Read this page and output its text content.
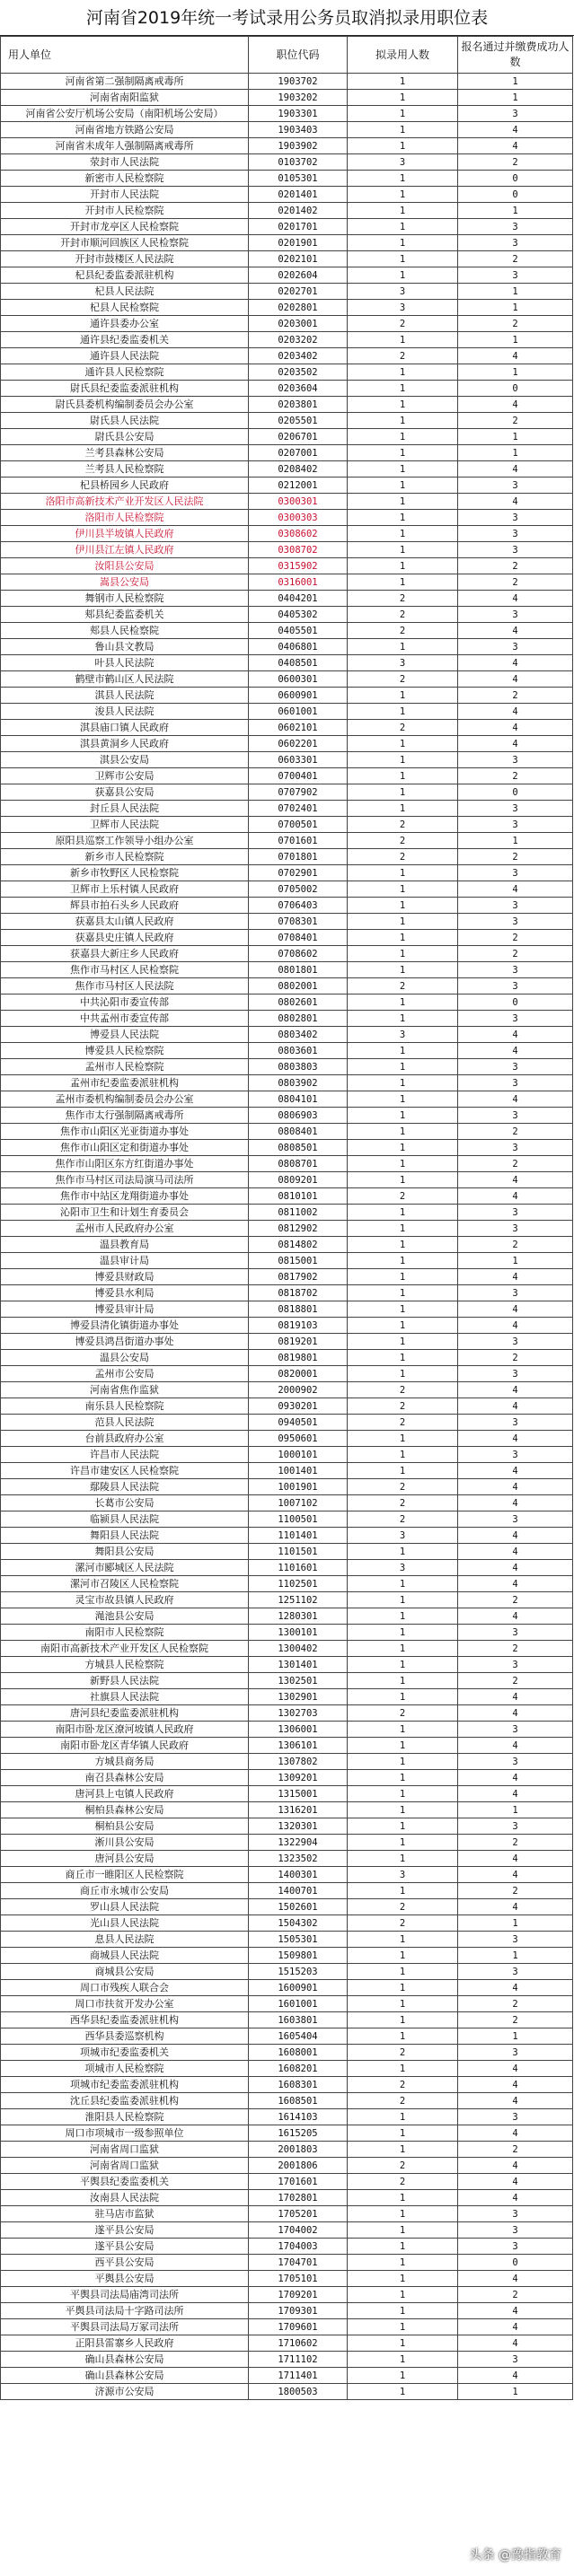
河南省2019年统一考试录用公务员取消拟录用职位表
用人单位	职位代码	拟录用人数	报名通过并缴费成功人数
河南省第二强制隔离戒毒所	1903702	1	1
河南省南阳监狱	1903202	1	1
河南省公安厅机场公安局（南阳机场公安局）	1903301	1	3
河南省地方铁路公安局	1903403	1	4
河南省未成年人强制隔离戒毒所	1903902	1	4
荥封市人民法院	0103702	3	2
新密市人民检察院	0105301	1	0
开封市人民法院	0201401	1	0
开封市人民检察院	0201402	1	1
开封市龙亭区人民检察院	0201701	1	3
开封市顺河回族区人民检察院	0201901	1	3
开封市鼓楼区人民法院	0202101	1	2
杞县纪委监委派驻机构	0202604	1	3
杞县人民法院	0202701	3	1
杞县人民检察院	0202801	3	1
通许县委办公室	0203001	2	2
通许县纪委监委机关	0203202	1	1
通许县人民法院	0203402	2	4
通许县人民检察院	0203502	1	1
尉氏县纪委监委派驻机构	0203604	1	0
尉氏县委机构编制委员会办公室	0203801	1	4
尉氏县人民法院	0205501	1	2
尉氏县公安局	0206701	1	1
兰考县森林公安局	0207001	1	1
兰考县人民检察院	0208402	1	4
杞县桥园乡人民政府	0212001	1	3
洛阳市高新技术产业开发区人民法院	0300301	1	4
洛阳市人民检察院	0300303	1	3
伊川县半坡镇人民政府	0308602	1	3
伊川县江左镇人民政府	0308702	1	3
汝阳县公安局	0315902	1	2
嵩县公安局	0316001	1	2
舞钢市人民检察院	0404201	2	4
郏县纪委监委机关	0405302	2	3
郏县人民检察院	0405501	2	4
鲁山县文教局	0406801	1	3
叶县人民法院	0408501	3	4
鹤壁市鹤山区人民法院	0600301	2	4
淇县人民法院	0600901	1	2
浚县人民法院	0601001	1	4
淇县庙口镇人民政府	0602101	2	4
淇县黄洞乡人民政府	0602201	1	4
淇县公安局	0603301	1	3
卫辉市公安局	0700401	1	2
获嘉县公安局	0707902	1	0
封丘县人民法院	0702401	1	3
卫辉市人民法院	0700501	2	3
原阳县巡察工作领导小组办公室	0701601	2	1
新乡市人民检察院	0701801	2	2
新乡市牧野区人民检察院	0702901	1	3
卫辉市上乐村镇人民政府	0705002	1	4
辉县市拍石头乡人民政府	0706403	1	3
获嘉县太山镇人民政府	0708301	1	3
获嘉县史庄镇人民政府	0708401	1	2
获嘉县大新庄乡人民政府	0708602	1	2
焦作市马村区人民检察院	0801801	1	3
焦作市马村区人民法院	0802001	2	3
中共沁阳市委宣传部	0802601	1	0
中共孟州市委宣传部	0802801	1	3
博爱县人民法院	0803402	3	4
博爱县人民检察院	0803601	1	4
孟州市人民检察院	0803803	1	3
孟州市纪委监委派驻机构	0803902	1	3
孟州市委机构编制委员会办公室	0804101	1	4
焦作市太行强制隔离戒毒所	0806903	1	3
焦作市山阳区光亚街道办事处	0808401	1	2
焦作市山阳区定和街道办事处	0808501	1	3
焦作市山阳区东方红街道办事处	0808701	1	2
焦作市马村区司法局演马司法所	0809201	1	4
焦作市中站区龙翔街道办事处	0810101	2	4
沁阳市卫生和计划生育委员会	0811002	1	3
孟州市人民政府办公室	0812902	1	3
温县教育局	0814802	1	2
温县审计局	0815001	1	1
博爱县财政局	0817902	1	4
博爱县水利局	0818702	1	3
博爱县审计局	0818801	1	4
博爱县清化镇街道办事处	0819103	1	4
博爱县鸿昌街道办事处	0819201	1	3
温县公安局	0819801	1	2
孟州市公安局	0820001	1	3
河南省焦作监狱	2000902	2	4
南乐县人民检察院	0930201	2	4
范县人民法院	0940501	2	3
台前县政府办公室	0950601	1	4
许昌市人民法院	1000101	1	3
许昌市建安区人民检察院	1001401	1	4
鄢陵县人民法院	1001901	2	4
长葛市公安局	1007102	2	4
临颍县人民法院	1100501	2	3
舞阳县人民法院	1101401	3	4
舞阳县公安局	1101501	1	4
漯河市郾城区人民法院	1101601	3	4
漯河市召陵区人民检察院	1102501	1	4
灵宝市故县镇人民政府	1251102	1	2
渑池县公安局	1280301	1	4
南阳市人民检察院	1300101	1	3
南阳市高新技术产业开发区人民检察院	1300402	1	2
方城县人民检察院	1301401	1	3
新野县人民法院	1302501	1	2
社旗县人民法院	1302901	1	4
唐河县纪委监委派驻机构	1302703	2	4
南阳市卧龙区潦河坡镇人民政府	1306001	1	3
南阳市卧龙区青华镇人民政府	1306101	1	4
方城县商务局	1307802	1	3
南召县森林公安局	1309201	1	4
唐河县上屯镇人民政府	1315001	1	4
桐柏县森林公安局	1316201	1	1
桐柏县公安局	1320301	1	3
淅川县公安局	1322904	1	2
唐河县公安局	1323502	1	4
商丘市一睢阳区人民检察院	1400301	3	4
商丘市永城市公安局	1400701	1	2
罗山县人民法院	1502601	2	4
光山县人民法院	1504302	2	1
息县人民法院	1505301	1	3
商城县人民法院	1509801	1	1
商城县公安局	1515203	1	3
周口市残疾人联合会	1600901	1	4
周口市扶贫开发办公室	1601001	1	2
西华县纪委监委派驻机构	1603801	1	2
西华县委巡察机构	1605404	1	1
项城市纪委监委机关	1608001	2	3
项城市人民检察院	1608201	1	4
项城市纪委监委派驻机构	1608301	2	4
沈丘县纪委监委派驻机构	1608501	2	4
淮阳县人民检察院	1614103	1	3
周口市项城市一级参照单位	1615205	1	4
河南省周口监狱	2001803	1	2
河南省周口监狱	2001806	2	4
平舆县纪委监委机关	1701601	2	4
汝南县人民法院	1702801	1	4
驻马店市监狱	1705201	1	3
遂平县公安局	1704002	1	3
遂平县公安局	1704003	1	3
西平县公安局	1704701	1	0
平舆县公安局	1705101	1	4
平舆县司法局庙湾司法所	1709201	1	2
平舆县司法局十字路司法所	1709301	1	4
平舆县司法局万冢司法所	1709601	1	4
正阳县雷寨乡人民政府	1710602	1	4
确山县森林公安局	1711102	1	3
确山县森林公安局	1711401	1	4
济源市公安局	1800503	1	1
头条 @豫指教育
